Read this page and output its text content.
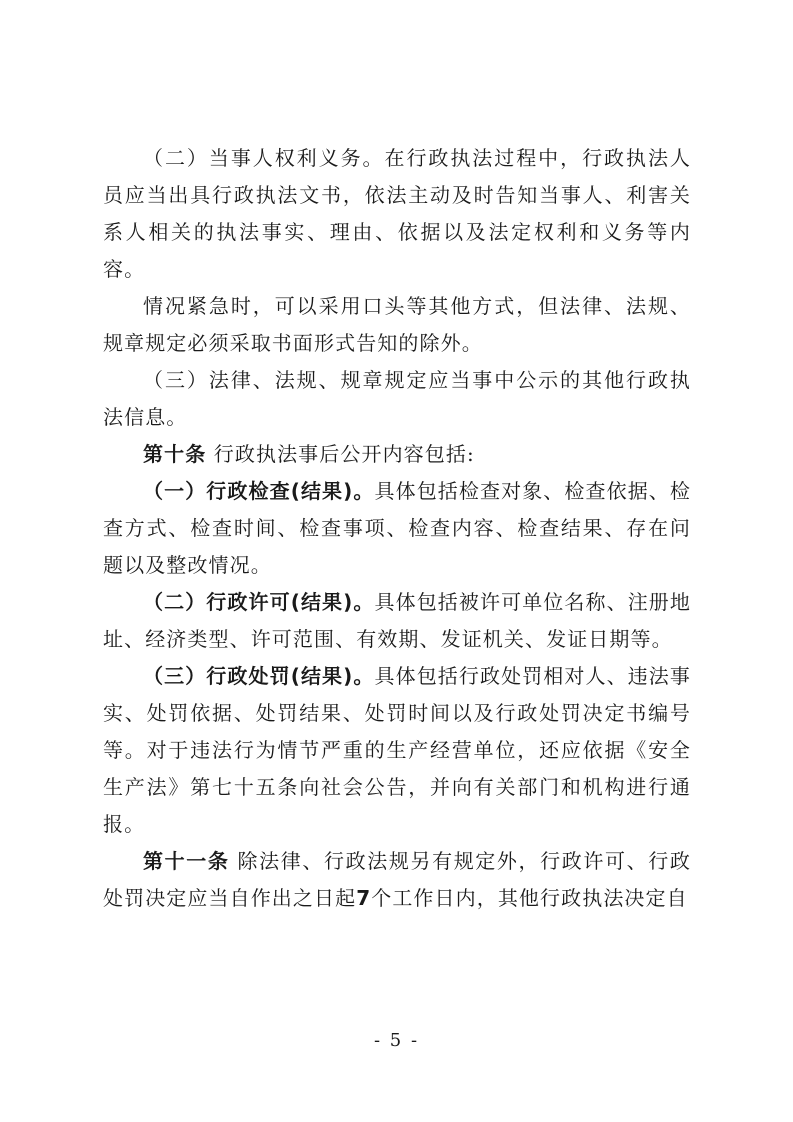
（二）当事人权利义务。在行政执法过程中，行政执法人员应当出具行政执法文书，依法主动及时告知当事人、利害关系人相关的执法事实、理由、依据以及法定权利和义务等内容。

情况紧急时，可以采用口头等其他方式，但法律、法规、规章规定必须采取书面形式告知的除外。

（三）法律、法规、规章规定应当事中公示的其他行政执法信息。

第十条 行政执法事后公开内容包括:

（一）行政检查(结果)。具体包括检查对象、检查依据、检查方式、检查时间、检查事项、检查内容、检查结果、存在问题以及整改情况。

（二）行政许可(结果)。具体包括被许可单位名称、注册地址、经济类型、许可范围、有效期、发证机关、发证日期等。

（三）行政处罚(结果)。具体包括行政处罚相对人、违法事实、处罚依据、处罚结果、处罚时间以及行政处罚决定书编号等。对于违法行为情节严重的生产经营单位，还应依据《安全生产法》第七十五条向社会公告，并向有关部门和机构进行通报。

第十一条 除法律、行政法规另有规定外，行政许可、行政处罚决定应当自作出之日起7个工作日内，其他行政执法决定自

- 5 -
